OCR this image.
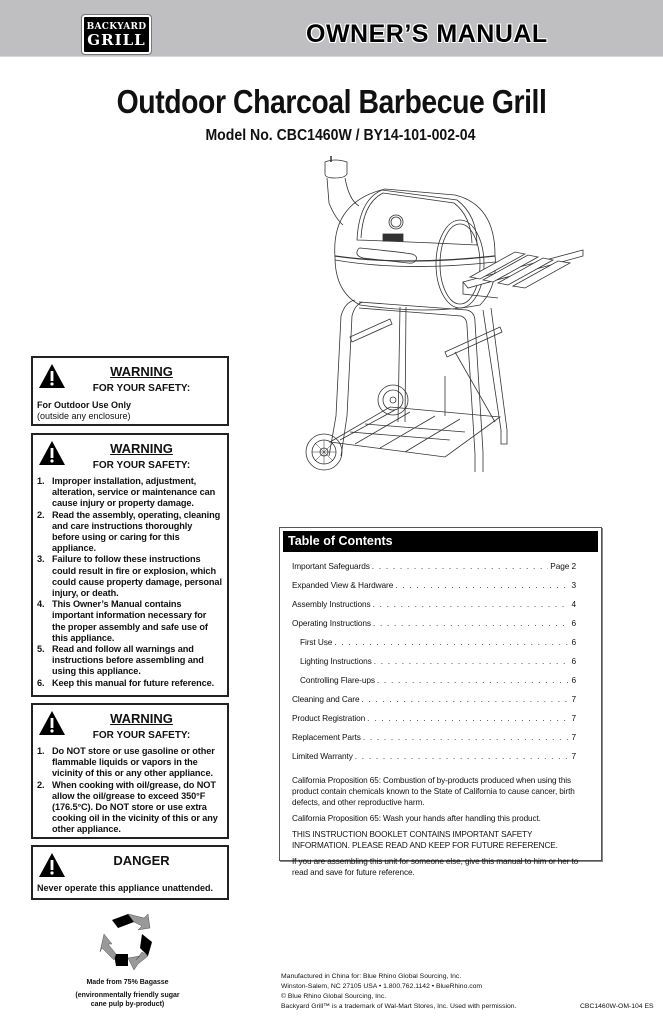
BACKYARD
GRILL	OWNER’S MANUAL
Outdoor Charcoal Barbecue Grill
Model No. CBC1460W / BY14-101-002-04
WARNING
FOR YOUR SAFETY:
For Outdoor Use Only
(outside any enclosure)
WARNING
FOR YOUR SAFETY:
1. Improper installation, adjustment, alteration, service or maintenance can cause injury or property damage.
2. Read the assembly, operating, cleaning and care instructions thoroughly before using or caring for this appliance.
3. Failure to follow these instructions could result in fire or explosion, which could cause property damage, personal injury, or death.
4. This Owner’s Manual contains important information necessary for the proper assembly and safe use of this appliance.
5. Read and follow all warnings and instructions before assembling and using this appliance.
6. Keep this manual for future reference.
WARNING
FOR YOUR SAFETY:
1. Do NOT store or use gasoline or other flammable liquids or vapors in the vicinity of this or any other appliance.
2. When cooking with oil/grease, do NOT allow the oil/grease to exceed 350°F (176.5°C). Do NOT store or use extra cooking oil in the vicinity of this or any other appliance.
DANGER
Never operate this appliance unattended.
Made from 75% Bagasse
(environmentally friendly sugar
cane pulp by-product)
Table of Contents
Important Safeguards . . .	Page 2
Expanded View & Hardware . . .	3
Assembly Instructions . . .	4
Operating Instructions . . .	6
First Use . . .	6
Lighting Instructions . . .	6
Controlling Flare-ups . . .	6
Cleaning and Care . . .	7
Product Registration . . .	7
Replacement Parts . . .	7
Limited Warranty . . .	7

California Proposition 65: Combustion of by-products produced when using this product contain chemicals known to the State of California to cause cancer, birth defects, and other reproductive harm.

California Proposition 65: Wash your hands after handling this product.

THIS INSTRUCTION BOOKLET CONTAINS IMPORTANT SAFETY INFORMATION. PLEASE READ AND KEEP FOR FUTURE REFERENCE.

If you are assembling this unit for someone else, give this manual to him or her to read and save for future reference.

Manufactured in China for: Blue Rhino Global Sourcing, Inc.
Winston-Salem, NC 27105 USA • 1.800.762.1142 • BlueRhino.com
© Blue Rhino Global Sourcing, Inc.
Backyard Grill™ is a trademark of Wal-Mart Stores, Inc. Used with permission.	CBC1460W-OM-104 ES
